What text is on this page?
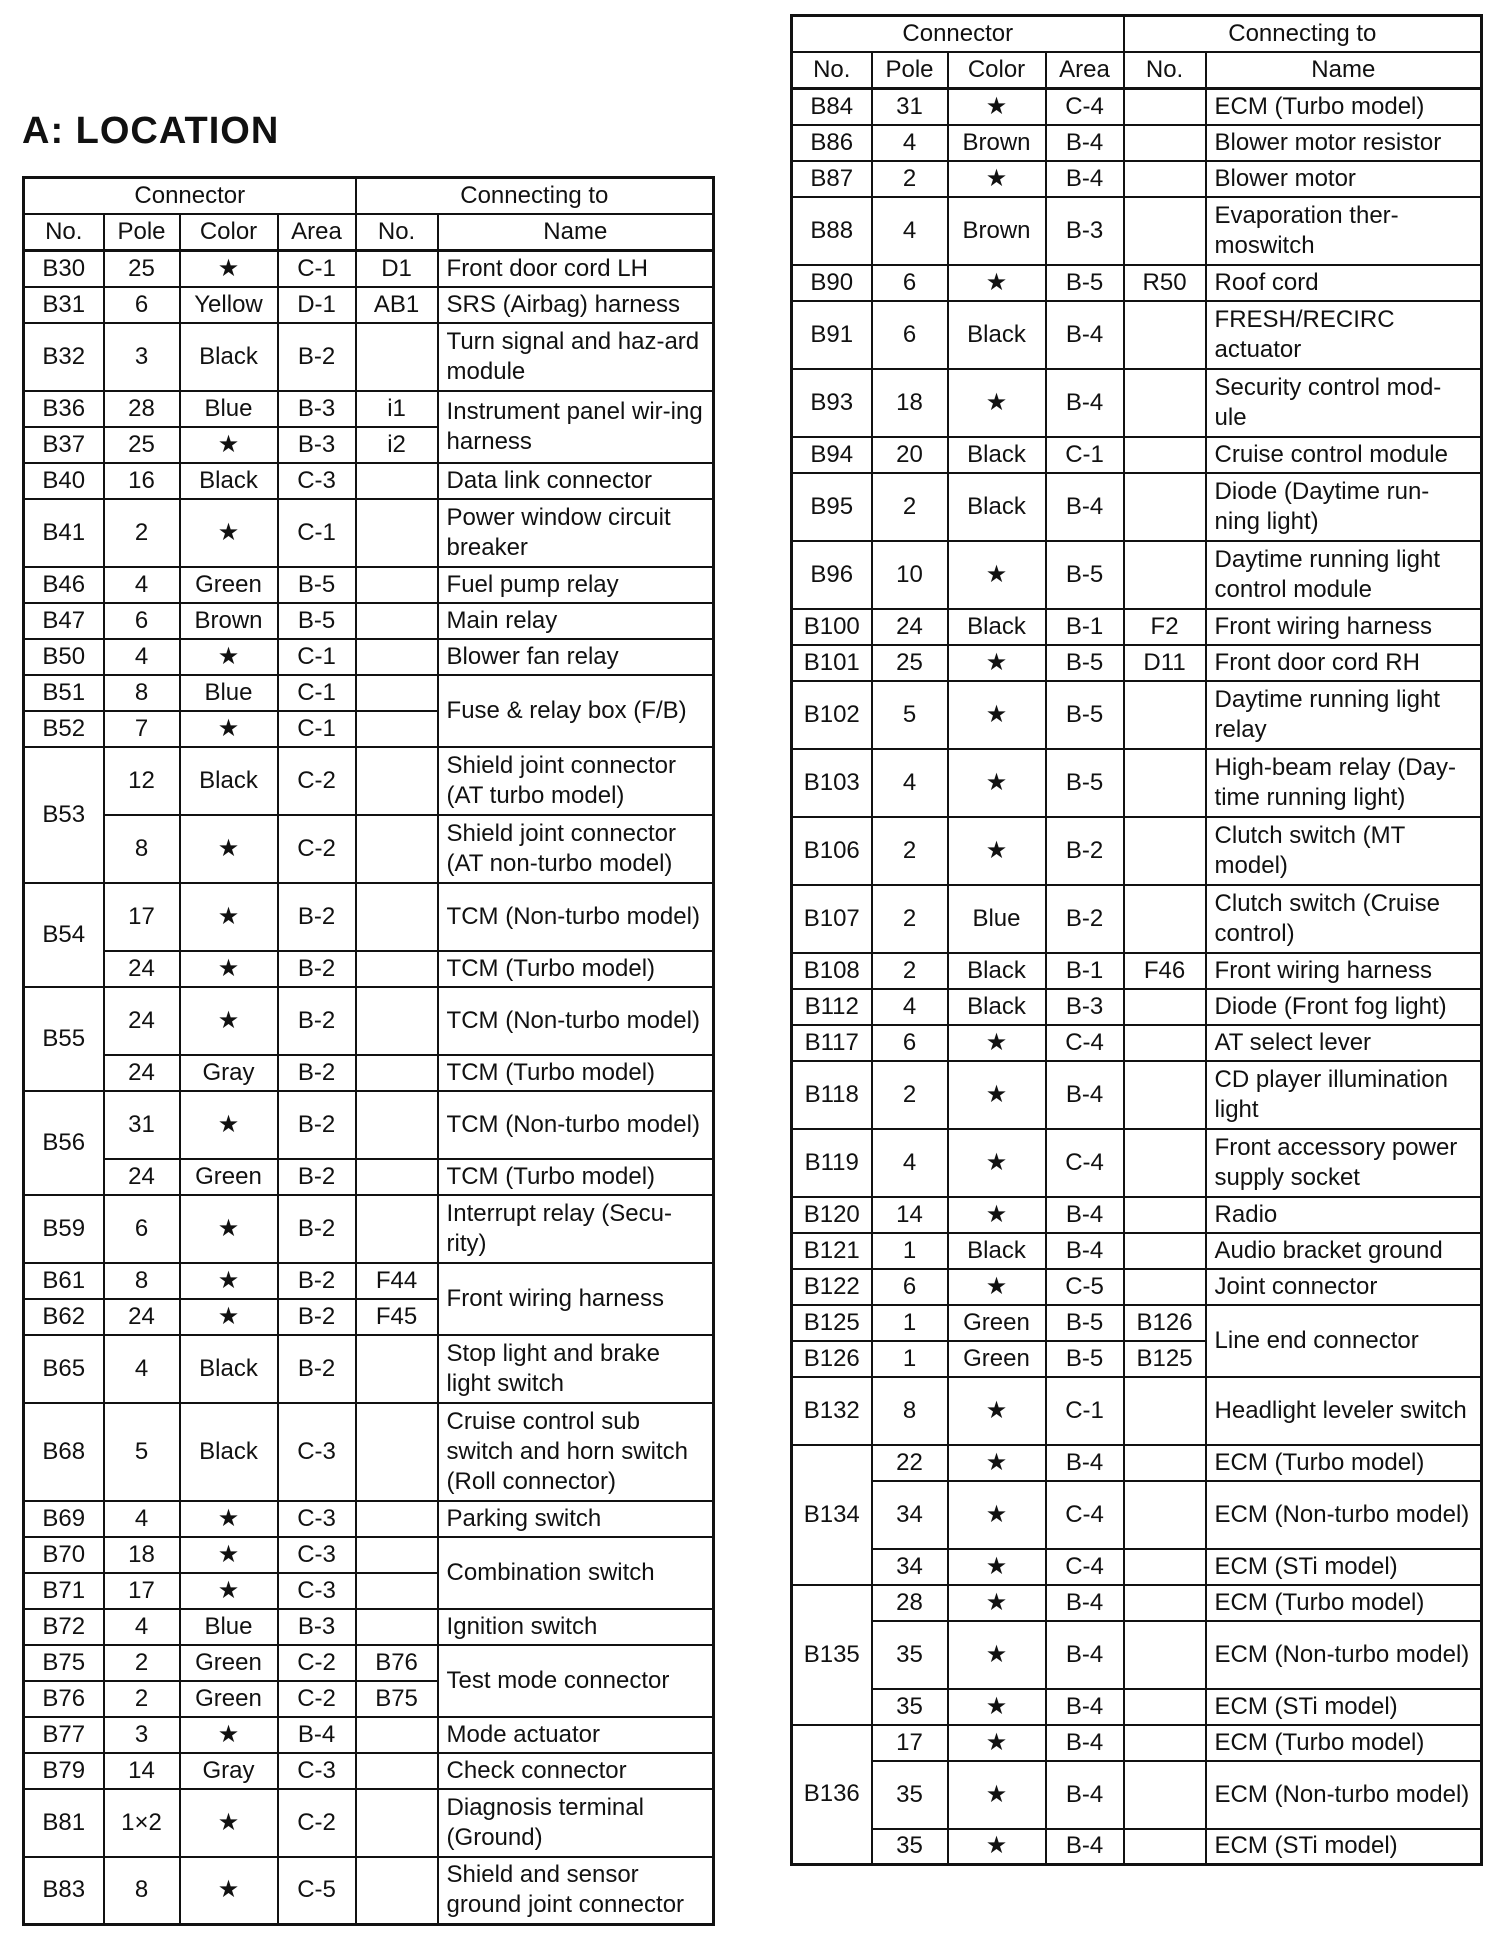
A: LOCATION
Connector				Connecting to	
No.	Pole	Color	Area	No.	Name
B30	25	★	C-1	D1	Front door cord LH
B31	6	Yellow	D-1	AB1	SRS (Airbag) harness
B32	3	Black	B-2		Turn signal and haz-ard module
B36	28	Blue	B-3	i1	Instrument panel wir-ing harness
B37	25	★	B-3	i2	
B40	16	Black	C-3		Data link connector
B41	2	★	C-1		Power window circuit breaker
B46	4	Green	B-5		Fuel pump relay
B47	6	Brown	B-5		Main relay
B50	4	★	C-1		Blower fan relay
B51	8	Blue	C-1		Fuse & relay box (F/B)
B52	7	★	C-1		
B53	12	Black	C-2		Shield joint connector (AT turbo model)
	8	★	C-2		Shield joint connector (AT non-turbo model)
B54	17	★	B-2		TCM (Non-turbo model)
	24	★	B-2		TCM (Turbo model)
B55	24	★	B-2		TCM (Non-turbo model)
	24	Gray	B-2		TCM (Turbo model)
B56	31	★	B-2		TCM (Non-turbo model)
	24	Green	B-2		TCM (Turbo model)
B59	6	★	B-2		Interrupt relay (Secu-rity)
B61	8	★	B-2	F44	Front wiring harness
B62	24	★	B-2	F45	
B65	4	Black	B-2		Stop light and brake light switch
B68	5	Black	C-3		Cruise control sub switch and horn switch (Roll connector)
B69	4	★	C-3		Parking switch
B70	18	★	C-3		Combination switch
B71	17	★	C-3		
B72	4	Blue	B-3		Ignition switch
B75	2	Green	C-2	B76	Test mode connector
B76	2	Green	C-2	B75	
B77	3	★	B-4		Mode actuator
B79	14	Gray	C-3		Check connector
B81	1×2	★	C-2		Diagnosis terminal (Ground)
B83	8	★	C-5		Shield and sensor ground joint connector
Connector				Connecting to	
No.	Pole	Color	Area	No.	Name
B84	31	★	C-4		ECM (Turbo model)
B86	4	Brown	B-4		Blower motor resistor
B87	2	★	B-4		Blower motor
B88	4	Brown	B-3		Evaporation ther-moswitch
B90	6	★	B-5	R50	Roof cord
B91	6	Black	B-4		FRESH/RECIRC actuator
B93	18	★	B-4		Security control mod-ule
B94	20	Black	C-1		Cruise control module
B95	2	Black	B-4		Diode (Daytime run-ning light)
B96	10	★	B-5		Daytime running light control module
B100	24	Black	B-1	F2	Front wiring harness
B101	25	★	B-5	D11	Front door cord RH
B102	5	★	B-5		Daytime running light relay
B103	4	★	B-5		High-beam relay (Day-time running light)
B106	2	★	B-2		Clutch switch (MT model)
B107	2	Blue	B-2		Clutch switch (Cruise control)
B108	2	Black	B-1	F46	Front wiring harness
B112	4	Black	B-3		Diode (Front fog light)
B117	6	★	C-4		AT select lever
B118	2	★	B-4		CD player illumination light
B119	4	★	C-4		Front accessory power supply socket
B120	14	★	B-4		Radio
B121	1	Black	B-4		Audio bracket ground
B122	6	★	C-5		Joint connector
B125	1	Green	B-5	B126	Line end connector
B126	1	Green	B-5	B125	
B132	8	★	C-1		Headlight leveler switch
B134	22	★	B-4		ECM (Turbo model)
	34	★	C-4		ECM (Non-turbo model)
	34	★	C-4		ECM (STi model)
B135	28	★	B-4		ECM (Turbo model)
	35	★	B-4		ECM (Non-turbo model)
	35	★	B-4		ECM (STi model)
B136	17	★	B-4		ECM (Turbo model)
	35	★	B-4		ECM (Non-turbo model)
	35	★	B-4		ECM (STi model)
